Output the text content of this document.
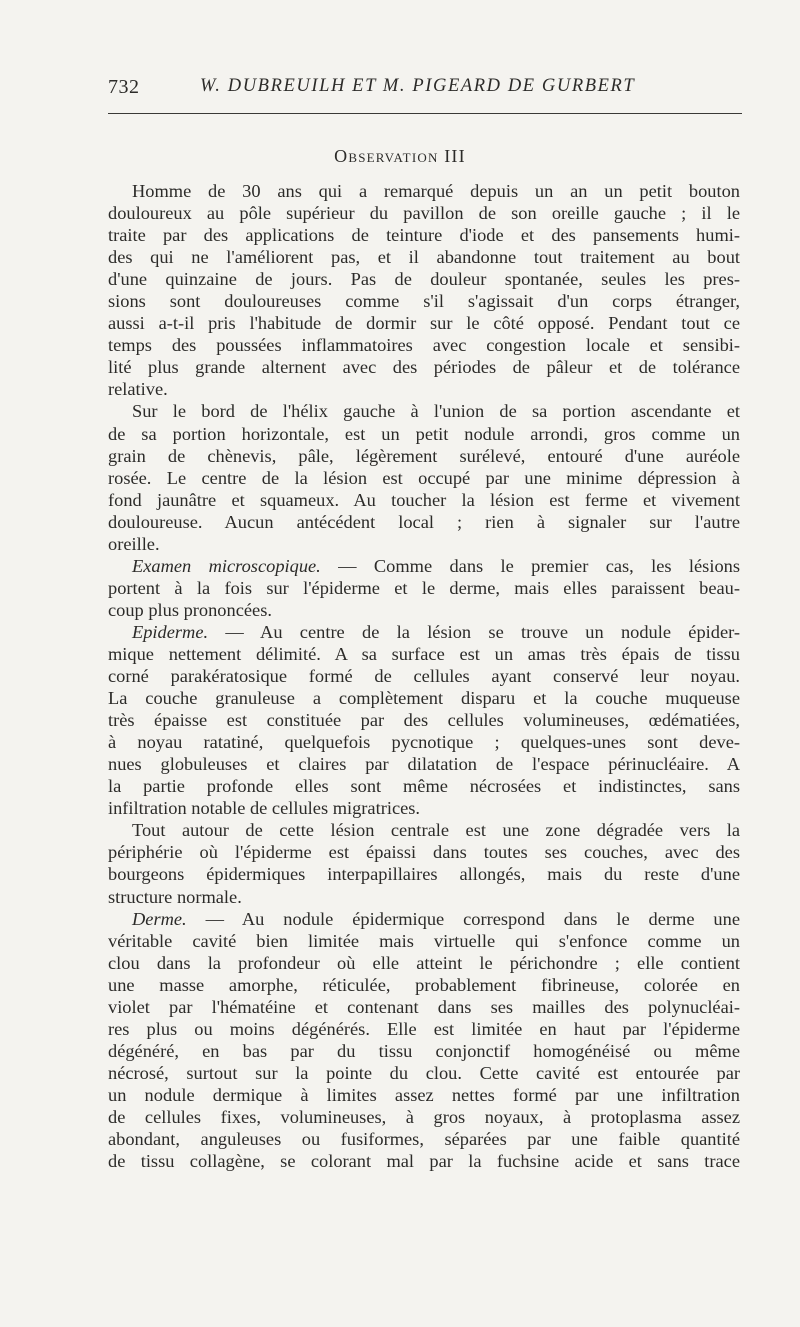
732	W. DUBREUILH ET M. PIGEARD DE GURBERT
Observation III
Homme de 30 ans qui a remarqué depuis un an un petit bouton
douloureux au pôle supérieur du pavillon de son oreille gauche ; il le
traite par des applications de teinture d'iode et des pansements humi-
des qui ne l'améliorent pas, et il abandonne tout traitement au bout
d'une quinzaine de jours. Pas de douleur spontanée, seules les pres-
sions sont douloureuses comme s'il s'agissait d'un corps étranger,
aussi a-t-il pris l'habitude de dormir sur le côté opposé. Pendant tout ce
temps des poussées inflammatoires avec congestion locale et sensibi-
lité plus grande alternent avec des périodes de pâleur et de tolérance
relative.
Sur le bord de l'hélix gauche à l'union de sa portion ascendante et
de sa portion horizontale, est un petit nodule arrondi, gros comme un
grain de chènevis, pâle, légèrement surélevé, entouré d'une auréole
rosée. Le centre de la lésion est occupé par une minime dépression à
fond jaunâtre et squameux. Au toucher la lésion est ferme et vivement
douloureuse. Aucun antécédent local ; rien à signaler sur l'autre
oreille.
Examen microscopique. — Comme dans le premier cas, les lésions
portent à la fois sur l'épiderme et le derme, mais elles paraissent beau-
coup plus prononcées.
Epiderme. — Au centre de la lésion se trouve un nodule épider-
mique nettement délimité. A sa surface est un amas très épais de tissu
corné parakératosique formé de cellules ayant conservé leur noyau.
La couche granuleuse a complètement disparu et la couche muqueuse
très épaisse est constituée par des cellules volumineuses, œdématiées,
à noyau ratatiné, quelquefois pycnotique ; quelques-unes sont deve-
nues globuleuses et claires par dilatation de l'espace périnucléaire. A
la partie profonde elles sont même nécrosées et indistinctes, sans
infiltration notable de cellules migratrices.
Tout autour de cette lésion centrale est une zone dégradée vers la
périphérie où l'épiderme est épaissi dans toutes ses couches, avec des
bourgeons épidermiques interpapillaires allongés, mais du reste d'une
structure normale.
Derme. — Au nodule épidermique correspond dans le derme une
véritable cavité bien limitée mais virtuelle qui s'enfonce comme un
clou dans la profondeur où elle atteint le périchondre ; elle contient
une masse amorphe, réticulée, probablement fibrineuse, colorée en
violet par l'hématéine et contenant dans ses mailles des polynucléai-
res plus ou moins dégénérés. Elle est limitée en haut par l'épiderme
dégénéré, en bas par du tissu conjonctif homogénéisé ou même
nécrosé, surtout sur la pointe du clou. Cette cavité est entourée par
un nodule dermique à limites assez nettes formé par une infiltration
de cellules fixes, volumineuses, à gros noyaux, à protoplasma assez
abondant, anguleuses ou fusiformes, séparées par une faible quantité
de tissu collagène, se colorant mal par la fuchsine acide et sans trace
